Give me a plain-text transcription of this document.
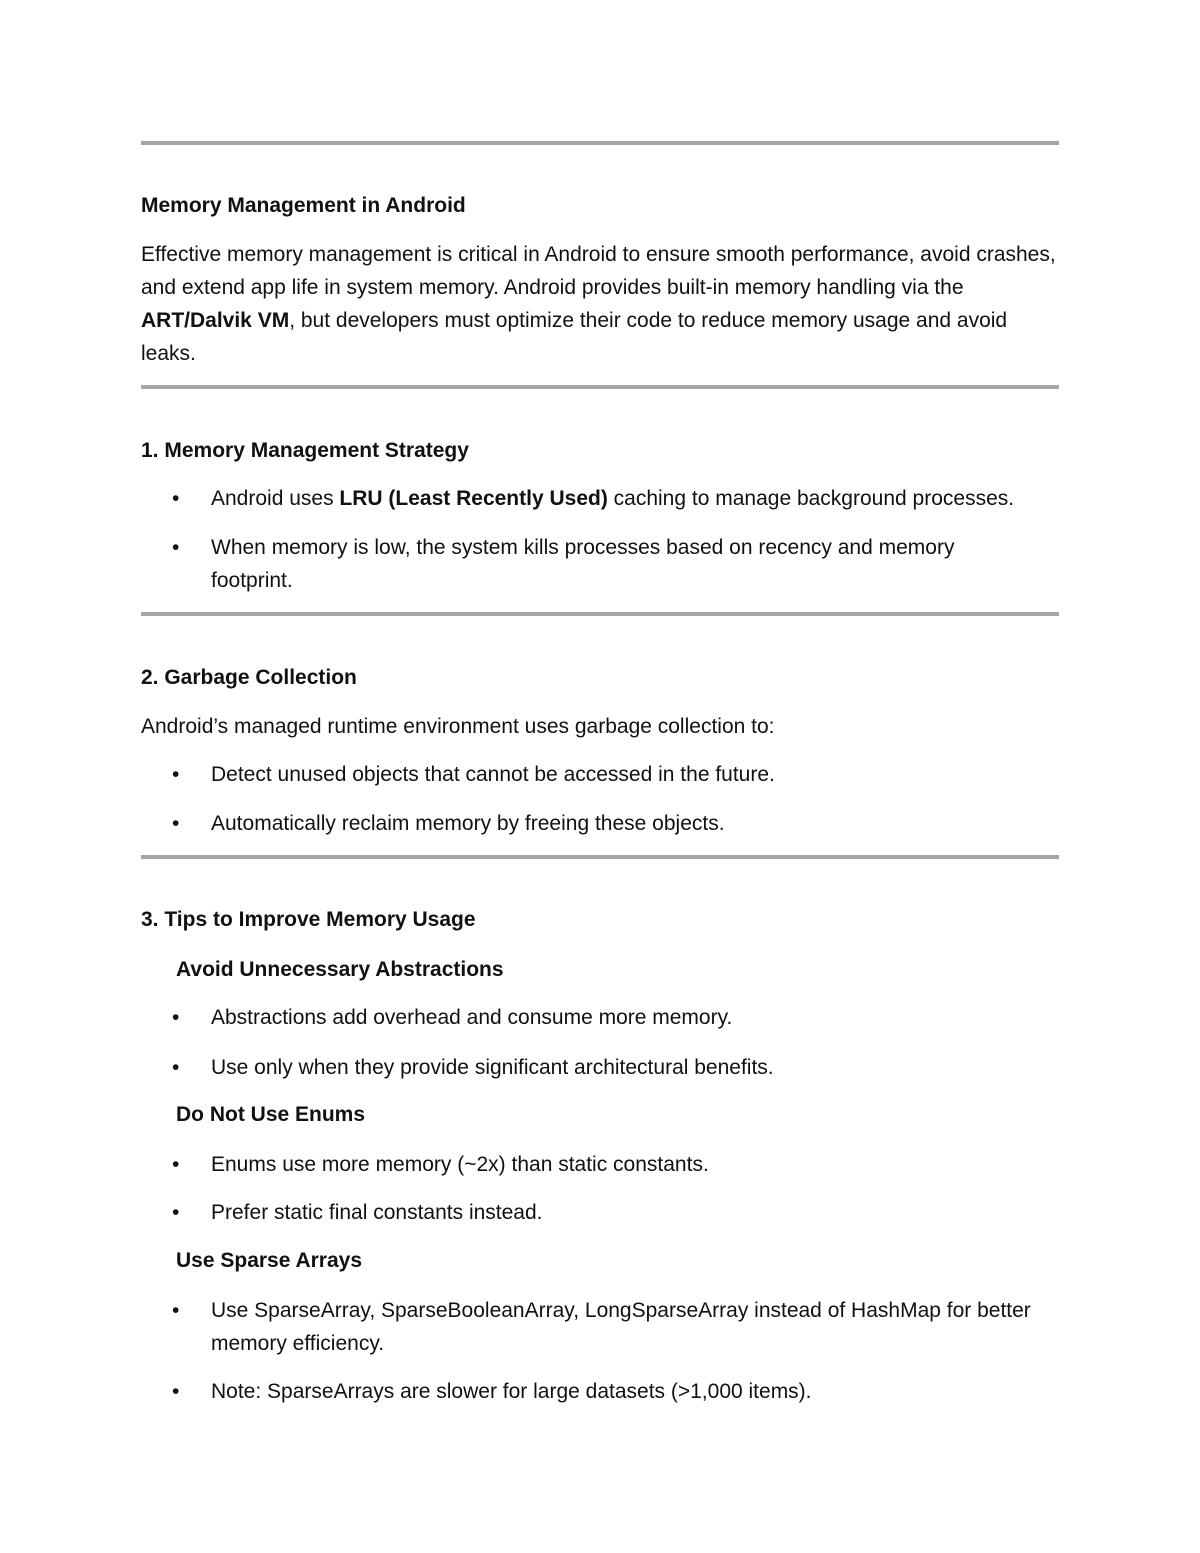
Memory Management in Android
Effective memory management is critical in Android to ensure smooth performance, avoid crashes, and extend app life in system memory. Android provides built-in memory handling via the ART/Dalvik VM, but developers must optimize their code to reduce memory usage and avoid leaks.
1. Memory Management Strategy
• Android uses LRU (Least Recently Used) caching to manage background processes.
• When memory is low, the system kills processes based on recency and memory footprint.
2. Garbage Collection
Android’s managed runtime environment uses garbage collection to:
• Detect unused objects that cannot be accessed in the future.
• Automatically reclaim memory by freeing these objects.
3. Tips to Improve Memory Usage
Avoid Unnecessary Abstractions
• Abstractions add overhead and consume more memory.
• Use only when they provide significant architectural benefits.
Do Not Use Enums
• Enums use more memory (~2x) than static constants.
• Prefer static final constants instead.
Use Sparse Arrays
• Use SparseArray, SparseBooleanArray, LongSparseArray instead of HashMap for better memory efficiency.
• Note: SparseArrays are slower for large datasets (>1,000 items).
